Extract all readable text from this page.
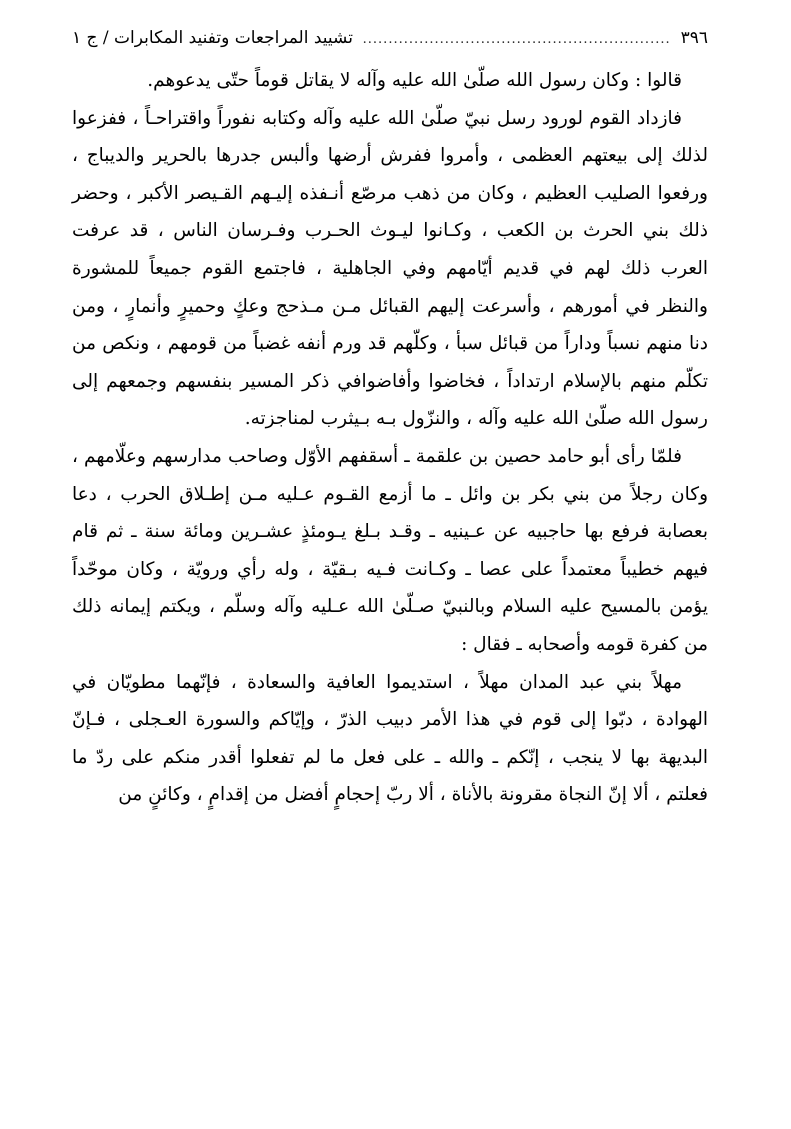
٣٩٦
.....
تشييد المراجعات وتفنيد المكابرات / ج ١

قالوا : وكان رسول الله صلّىٰ الله عليه وآله لا يقاتل قوماً حتّى يدعوهم.

فازداد القوم لورود رسل نبيّ صلّىٰ الله عليه وآله وكتابه نفوراً واقتراحـاً ، ففزعوا لذلك إلى بيعتهم العظمى ، وأمروا ففرش أرضها وألبس جدرها بالحرير والديباج ، ورفعوا الصليب العظيم ، وكان من ذهب مرصّع أنـفذه إليـهم القـيصر الأكبر ، وحضر ذلك بني الحرث بن الكعب ، وكـانوا ليـوث الحـرب وفـرسان الناس ، قد عرفت العرب ذلك لهم في قديم أيّامهم وفي الجاهلية ، فاجتمع القوم جميعاً للمشورة والنظر في أمورهم ، وأسرعت إليهم القبائل مـن مـذحج وعكٍ وحميرٍ وأنمارٍ ، ومن دنا منهم نسباً وداراً من قبائل سبأ ، وكلّهم قد ورم أنفه غضباً من قومهم ، ونكص من تكلّم منهم بالإسلام ارتداداً ، فخاضوا وأفاضوافي ذكر المسير بنفسهم وجمعهم إلى رسول الله صلّىٰ الله عليه وآله ، والنزّول بـه بـيثرب لمناجزته.

فلمّا رأى أبو حامد حصين بن علقمة ـ أسقفهم الأوّل وصاحب مدارسهم وعلّامهم ، وكان رجلاً من بني بكر بن وائل ـ ما أزمع القـوم عـليه مـن إطـلاق الحرب ، دعا بعصابة فرفع بها حاجبيه عن عـينيه ـ وقـد بـلغ يـومئذٍ عشـرين ومائة سنة ـ ثم قام فيهم خطيباً معتمداً على عصا ـ وكـانت فـيه بـقيّة ، وله رأي ورويّة ، وكان موحّداً يؤمن بالمسيح عليه السلام وبالنبيّ صـلّىٰ الله عـليه وآله وسلّم ، ويكتم إيمانه ذلك من كفرة قومه وأصحابه ـ فقال :

مهلاً بني عبد المدان مهلاً ، استديموا العافية والسعادة ، فإنّهما مطويّان في الهوادة ، دبّوا إلى قوم في هذا الأمر دبيب الذرّ ، وإيّاكم والسورة العـجلى ، فـإنّ البديهة بها لا ينجب ، إنّكم ـ والله ـ على فعل ما لم تفعلوا أقدر منكم على ردّ ما فعلتم ، ألا إنّ النجاة مقرونة بالأناة ، ألا ربّ إحجامٍ أفضل من إقدامٍ ، وكائنٍ من
